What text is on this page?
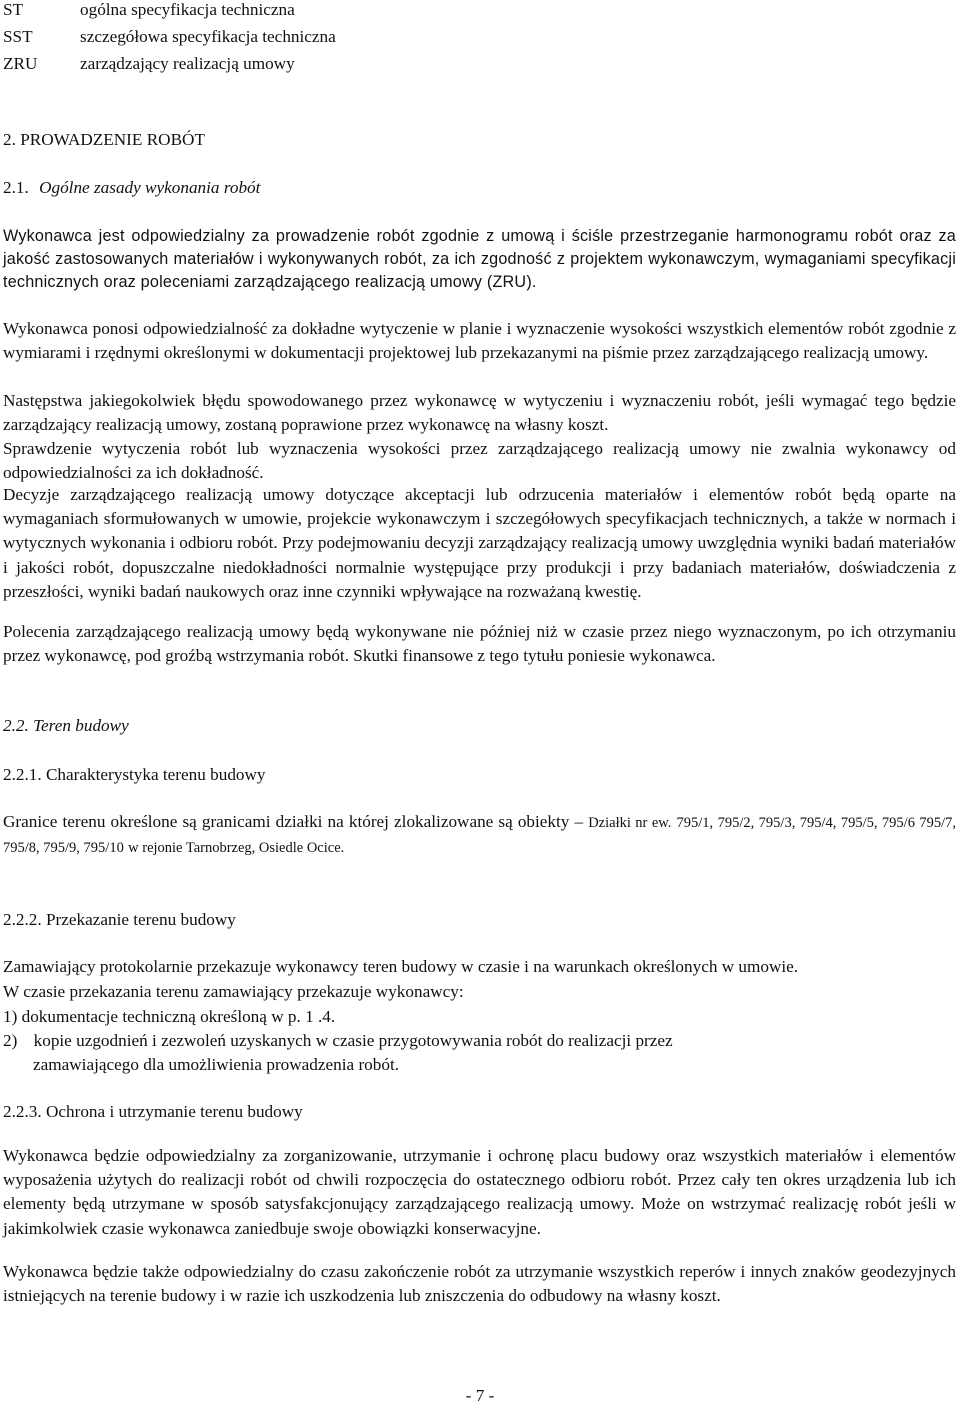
ST	ogólna specyfikacja techniczna
SST	szczegółowa specyfikacja techniczna
ZRU zarządzający realizacją umowy
2. PROWADZENIE ROBÓT
2.1. Ogólne zasady wykonania robót
Wykonawca jest odpowiedzialny za prowadzenie robót zgodnie z umową i ściśle przestrzeganie harmonogramu robót oraz za jakość zastosowanych materiałów i wykonywanych robót, za ich zgodność z projektem wykonawczym, wymaganiami specyfikacji technicznych oraz poleceniami zarządzającego realizacją umowy (ZRU).
Wykonawca ponosi odpowiedzialność za dokładne wytyczenie w planie i wyznaczenie wysokości wszystkich elementów robót zgodnie z wymiarami i rzędnymi określonymi w dokumentacji projektowej lub przekazanymi na piśmie przez zarządzającego realizacją umowy.
Następstwa jakiegokolwiek błędu spowodowanego przez wykonawcę w wytyczeniu i wyznaczeniu robót, jeśli wymagać tego będzie zarządzający realizacją umowy, zostaną poprawione przez wykonawcę na własny koszt.
Sprawdzenie wytyczenia robót lub wyznaczenia wysokości przez zarządzającego realizacją umowy nie zwalnia wykonawcy od odpowiedzialności za ich dokładność.
Decyzje zarządzającego realizacją umowy dotyczące akceptacji lub odrzucenia materiałów i elementów robót będą oparte na wymaganiach sformułowanych w umowie, projekcie wykonawczym i szczegółowych specyfikacjach technicznych, a także w normach i wytycznych wykonania i odbioru robót. Przy podejmowaniu decyzji zarządzający realizacją umowy uwzględnia wyniki badań materiałów i jakości robót, dopuszczalne niedokładności normalnie występujące przy produkcji i przy badaniach materiałów, doświadczenia z przeszłości, wyniki badań naukowych oraz inne czynniki wpływające na rozważaną kwestię.
Polecenia zarządzającego realizacją umowy będą wykonywane nie później niż w czasie przez niego wyznaczonym, po ich otrzymaniu przez wykonawcę, pod groźbą wstrzymania robót. Skutki finansowe z tego tytułu poniesie wykonawca.
2.2. Teren budowy
2.2.1. Charakterystyka terenu budowy
Granice terenu określone są granicami działki na której zlokalizowane są obiekty – Działki nr ew. 795/1, 795/2, 795/3, 795/4, 795/5, 795/6 795/7, 795/8, 795/9, 795/10 w rejonie Tarnobrzeg, Osiedle Ocice.
2.2.2. Przekazanie terenu budowy
Zamawiający protokolarnie przekazuje wykonawcy teren budowy w czasie i na warunkach określonych w umowie.
W czasie przekazania terenu zamawiający przekazuje wykonawcy:
1) dokumentacje techniczną określoną w p. 1 .4.
2) kopie uzgodnień i zezwoleń uzyskanych w czasie przygotowywania robót do realizacji przez
zamawiającego dla umożliwienia prowadzenia robót.
2.2.3. Ochrona i utrzymanie terenu budowy
Wykonawca będzie odpowiedzialny za zorganizowanie, utrzymanie i ochronę placu budowy oraz wszystkich materiałów i elementów wyposażenia użytych do realizacji robót od chwili rozpoczęcia do ostatecznego odbioru robót. Przez cały ten okres urządzenia lub ich elementy będą utrzymane w sposób satysfakcjonujący zarządzającego realizacją umowy. Może on wstrzymać realizację robót jeśli w jakimkolwiek czasie wykonawca zaniedbuje swoje obowiązki konserwacyjne.
Wykonawca będzie także odpowiedzialny do czasu zakończenie robót za utrzymanie wszystkich reperów i innych znaków geodezyjnych istniejących na terenie budowy i w razie ich uszkodzenia lub zniszczenia do odbudowy na własny koszt.
- 7 -
